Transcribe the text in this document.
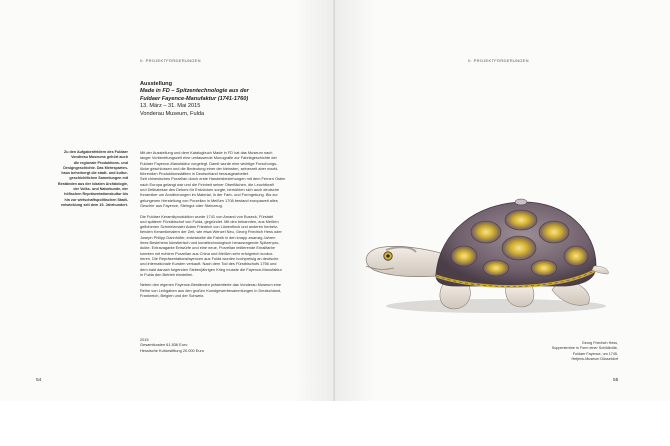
II. PROJEKTFÖRDERUNGEN
Ausstellung
Made in FD – Spitzentechnologie aus der
Fuldaer Fayence-Manufaktur (1741-1760)
13. März – 31. Mai 2015
Vonderau Museum, Fulda
Zu den Aufgabenfeldern des Fuldaer
Vonderau Museums gehört auch
die regionale Produktions- und
Designgeschichte. Das Mehrsparten-
haus beherbergt die stadt- und kultur-
geschichtlichen Sammlungen mit
Beständen aus der lokalen Archäologie,
der Volks- und Naturkunde, der
höfischen Repräsentationskultur bis
hin zur wirtschaftspolitischen Stadt-
entwicklung seit dem 19. Jahrhundert.

Mit der Ausstellung und dem Katalogbuch Made in FD hat das Museum nach
langer Vorbereitungszeit eine umfassende Monografie zur Fabrikgeschichte der
Fuldaer Fayence-Manufaktur vorgelegt. Damit wurde eine wichtige Forschungs-
lücke geschlossen und die Bedeutung einer der kleinsten, seinerzeit aber markt-
führenden Produktionsstätten in Deutschland herausgearbeitet.
Seit chinesisches Porzellan durch erste Handelsbeziehungen mit dem Fernen Osten
nach Europa gelangt war und die Feinheit seiner Oberflächen, die Leuchtkraft
und Delikatesse des Dekors für Entzücken sorgte, bemühten sich auch deutsche
Keramiker um Annäherungen im Material, in der Farb- und Formgebung. Bis zur
gelungenen Herstellung von Porzellan in Meißen 1708 bestand europaweit alles
Geschirr aus Fayence, Steingut oder Steinzeug.

Die Fuldaer Keramikproduktion wurde 1741 von Amand von Buseck, Fürstabt
und späterer Fürstbischof von Fulda, gegründet. Mit den bekannten, aus Meißen
geflohenen Schmelzmaler Adam Friedrich von Löwenfinck und anderen herbeiz-
tienden Keramikmalern der Zeit, wie etwa Wenzel Neu, Georg Friedrich Hess oder
Joseph Philipp Dannhöfer, entwickelte die Fabrik in den knapp zwanzig Jahren
ihres Bestehens künstlerisch und kunsttechnologisch herausragende Spitzenpro-
dukte. Extravagante Entwürfe und eine neue, Porzellan imitierende Emailfarbe
konnten mit echtem Porzellan aus China und Meißen sehr erfolgreich konkur-
rieren. Die Repräsentationsfayencen aus Fulda wurden hochpreisig an deutsche
und internationale Kunden verkauft. Nach dem Tod des Fürstbischofs 1756 und
dem bald danach folgenden Siebenjährigen Krieg musste die Fayence-Manufaktur
in Fulda den Betrieb einstellen.

Neben den eigenen Fayence-Beständen präsentierte das Vonderau Museum eine
Reihe von Leihgaben aus den großen Kunstgewerbesammlungen in Deutschland,
Frankreich, Belgien und der Schweiz.

2015
Gesamtkosten 61.836 Euro
Hessische Kulturstiftung 20.000 Euro
54
II. PROJEKTFÖRDERUNGEN
55
Georg Friedrich Hess,
Suppenterrine in Form einer Schildkröte,
Fuldaer Fayence, um 1745,
Hetjens-Museum Düsseldorf
